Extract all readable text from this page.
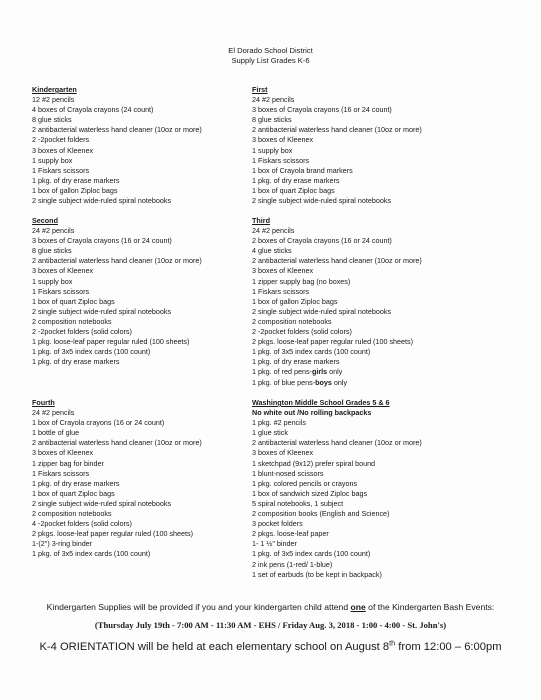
El Dorado School District
Supply List Grades K-6
Kindergarten
12 #2 pencils
4 boxes of Crayola crayons (24 count)
8 glue sticks
2 antibacterial waterless hand cleaner (10oz or more)
2 -2pocket folders
3 boxes of Kleenex
1 supply box
1 Fiskars scissors
1 pkg. of dry erase markers
1 box of gallon Ziploc bags
2 single subject wide-ruled spiral notebooks
First
24 #2 pencils
3 boxes of Crayola crayons (16 or 24 count)
8 glue sticks
2 antibacterial waterless hand cleaner (10oz or more)
3 boxes of Kleenex
1 supply box
1 Fiskars scissors
1 box of Crayola brand markers
1 pkg. of dry erase markers
1 box of quart Ziploc bags
2 single subject wide-ruled spiral notebooks
Second
24 #2 pencils
3 boxes of Crayola crayons (16 or 24 count)
8 glue sticks
2 antibacterial waterless hand cleaner (10oz or more)
3 boxes of Kleenex
1 supply box
1 Fiskars scissors
1 box of quart Ziploc bags
2 single subject wide-ruled spiral notebooks
2 composition notebooks
2 -2pocket folders (solid colors)
1 pkg. loose-leaf paper regular ruled (100 sheets)
1 pkg. of 3x5 index cards (100 count)
1 pkg. of dry erase markers
Third
24 #2 pencils
2 boxes of Crayola crayons (16 or 24 count)
4 glue sticks
2 antibacterial waterless hand cleaner (10oz or more)
3 boxes of Kleenex
1 zipper supply bag (no boxes)
1 Fiskars scissors
1 box of gallon Ziploc bags
2 single subject wide-ruled spiral notebooks
2 composition notebooks
2 -2pocket folders (solid colors)
2 pkgs. loose-leaf paper regular ruled (100 sheets)
1 pkg. of 3x5 index cards (100 count)
1 pkg. of dry erase markers
1 pkg. of red pens-girls only
1 pkg. of blue pens-boys only
Fourth
24 #2 pencils
1 box of Crayola crayons (16 or 24 count)
1 bottle of glue
2 antibacterial waterless hand cleaner (10oz or more)
3 boxes of Kleenex
1 zipper bag for binder
1 Fiskars scissors
1 pkg. of dry erase markers
1 box of quart Ziploc bags
2 single subject wide-ruled spiral notebooks
2 composition notebooks
4 -2pocket folders (solid colors)
2 pkgs. loose-leaf paper regular ruled (100 sheets)
1-(2") 3-ring binder
1 pkg. of 3x5 index cards (100 count)
Washington Middle School Grades 5 & 6
No white out /No rolling backpacks
1 pkg. #2 pencils
1 glue stick
2 antibacterial waterless hand cleaner (10oz or more)
3 boxes of Kleenex
1 sketchpad (9x12) prefer spiral bound
1 blunt-nosed scissors
1 pkg. colored pencils or crayons
1 box of sandwich sized Ziploc bags
5 spiral notebooks, 1 subject
2 composition books (English and Science)
3 pocket folders
2 pkgs. loose-leaf paper
1- 1 ½" binder
1 pkg. of 3x5 index cards (100 count)
2 ink pens (1-red/ 1-blue)
1 set of earbuds (to be kept in backpack)
Kindergarten Supplies will be provided if you and your kindergarten child attend one of the Kindergarten Bash Events:
(Thursday July 19th - 7:00 AM - 11:30 AM - EHS / Friday Aug. 3, 2018 - 1:00 - 4:00 - St. John's)
K-4 ORIENTATION will be held at each elementary school on August 8th from 12:00 – 6:00pm
